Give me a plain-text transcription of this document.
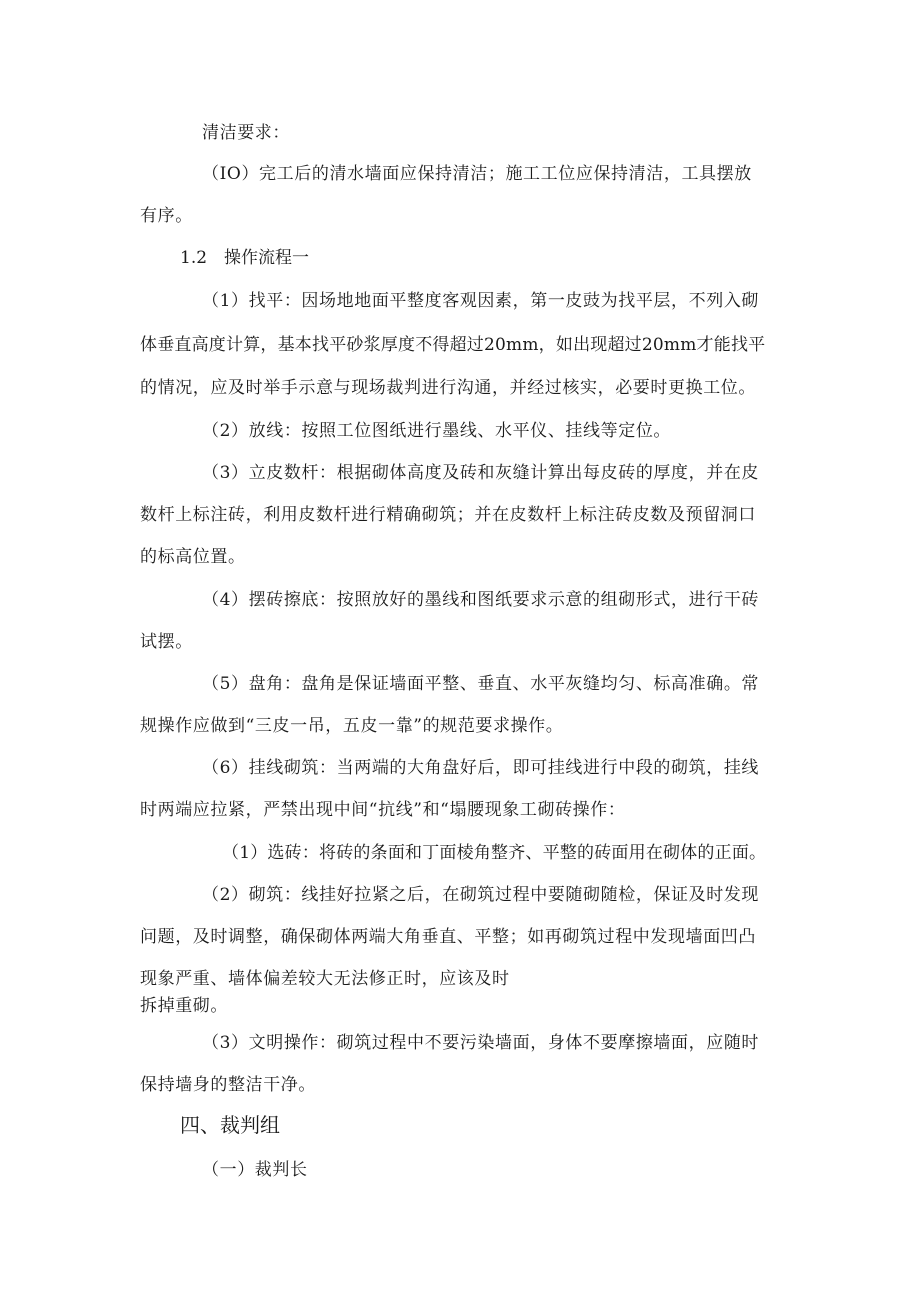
清洁要求：
（IO）完工后的清水墙面应保持清洁；施工工位应保持清洁，工具摆放
有序。
1.2　操作流程一
（1）找平：因场地地面平整度客观因素，第一皮豉为找平层，不列入砌
体垂直高度计算，基本找平砂浆厚度不得超过20mm，如出现超过20mm才能找平
的情况，应及时举手示意与现场裁判进行沟通，并经过核实，必要时更换工位。
（2）放线：按照工位图纸进行墨线、水平仪、挂线等定位。
（3）立皮数杆：根据砌体高度及砖和灰缝计算出每皮砖的厚度，并在皮
数杆上标注砖，利用皮数杆进行精确砌筑；并在皮数杆上标注砖皮数及预留洞口
的标高位置。
（4）摆砖擦底：按照放好的墨线和图纸要求示意的组砌形式，进行干砖
试摆。
（5）盘角：盘角是保证墙面平整、垂直、水平灰缝均匀、标高准确。常
规操作应做到“三皮一吊，五皮一靠”的规范要求操作。
（6）挂线砌筑：当两端的大角盘好后，即可挂线进行中段的砌筑，挂线
时两端应拉紧，严禁出现中间“抗线”和“塌腰现象工砌砖操作：
（1）选砖：将砖的条面和丁面棱角整齐、平整的砖面用在砌体的正面。
（2）砌筑：线挂好拉紧之后，在砌筑过程中要随砌随检，保证及时发现
问题，及时调整，确保砌体两端大角垂直、平整；如再砌筑过程中发现墙面凹凸
现象严重、墙体偏差较大无法修正时，应该及时
拆掉重砌。
（3）文明操作：砌筑过程中不要污染墙面，身体不要摩擦墙面，应随时
保持墙身的整洁干净。
四、裁判组
（一）裁判长
